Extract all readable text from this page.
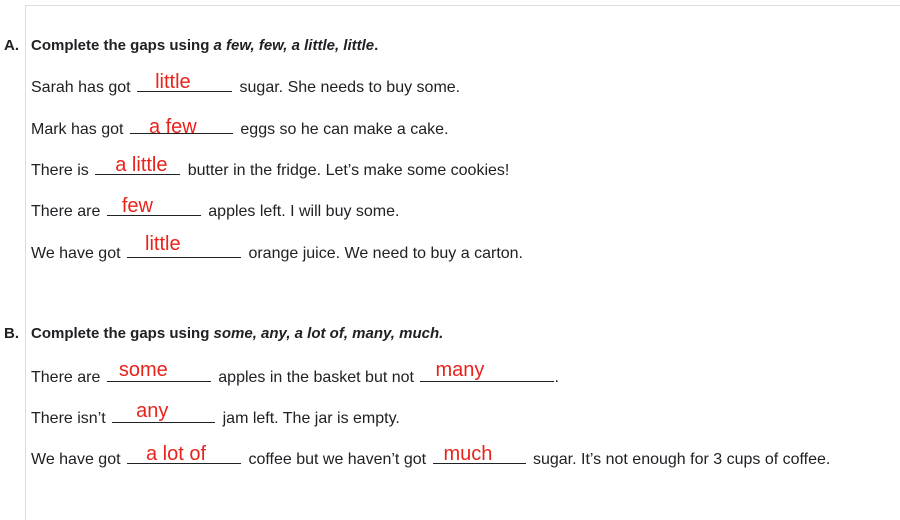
A. Complete the gaps using a few, few, a little, little.
Sarah has got little	sugar. She needs to buy some.
Mark has got a few	eggs so he can make a cake.
There is a little butter in the fridge. Let’s make some cookies!
There are few	apples left. I will buy some.
We have got little	orange juice. We need to buy a carton.
B. Complete the gaps using some, any, a lot of, many, much.
There are some	apples in the basket but not many	.
There isn’t any	jam left. The jar is empty.
We have got a lot of	coffee but we haven’t got much	sugar. It’s not enough for 3 cups of coffee.
